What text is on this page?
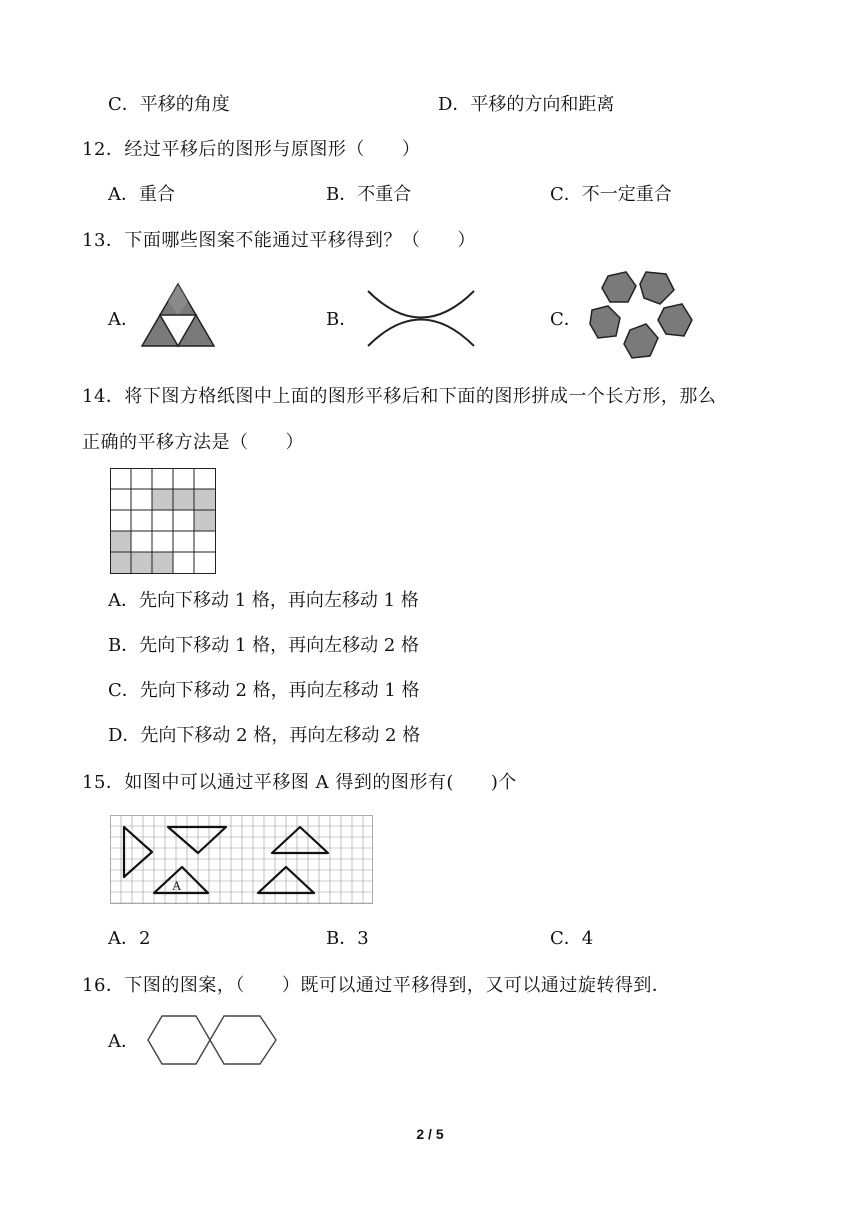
C．平移的角度	D．平移的方向和距离
12．经过平移后的图形与原图形（　　）
A．重合	B．不重合	C．不一定重合
13．下面哪些图案不能通过平移得到？（　　）
A．	B．	C．
14．将下图方格纸图中上面的图形平移后和下面的图形拼成一个长方形，那么
正确的平移方法是（　　）
A．先向下移动 1 格，再向左移动 1 格
B．先向下移动 1 格，再向左移动 2 格
C．先向下移动 2 格，再向左移动 1 格
D．先向下移动 2 格，再向左移动 2 格
15．如图中可以通过平移图 A 得到的图形有(　　)个
A
A．2	B．3	C．4
16．下图的图案，（　　）既可以通过平移得到，又可以通过旋转得到．
A．
2 / 5
